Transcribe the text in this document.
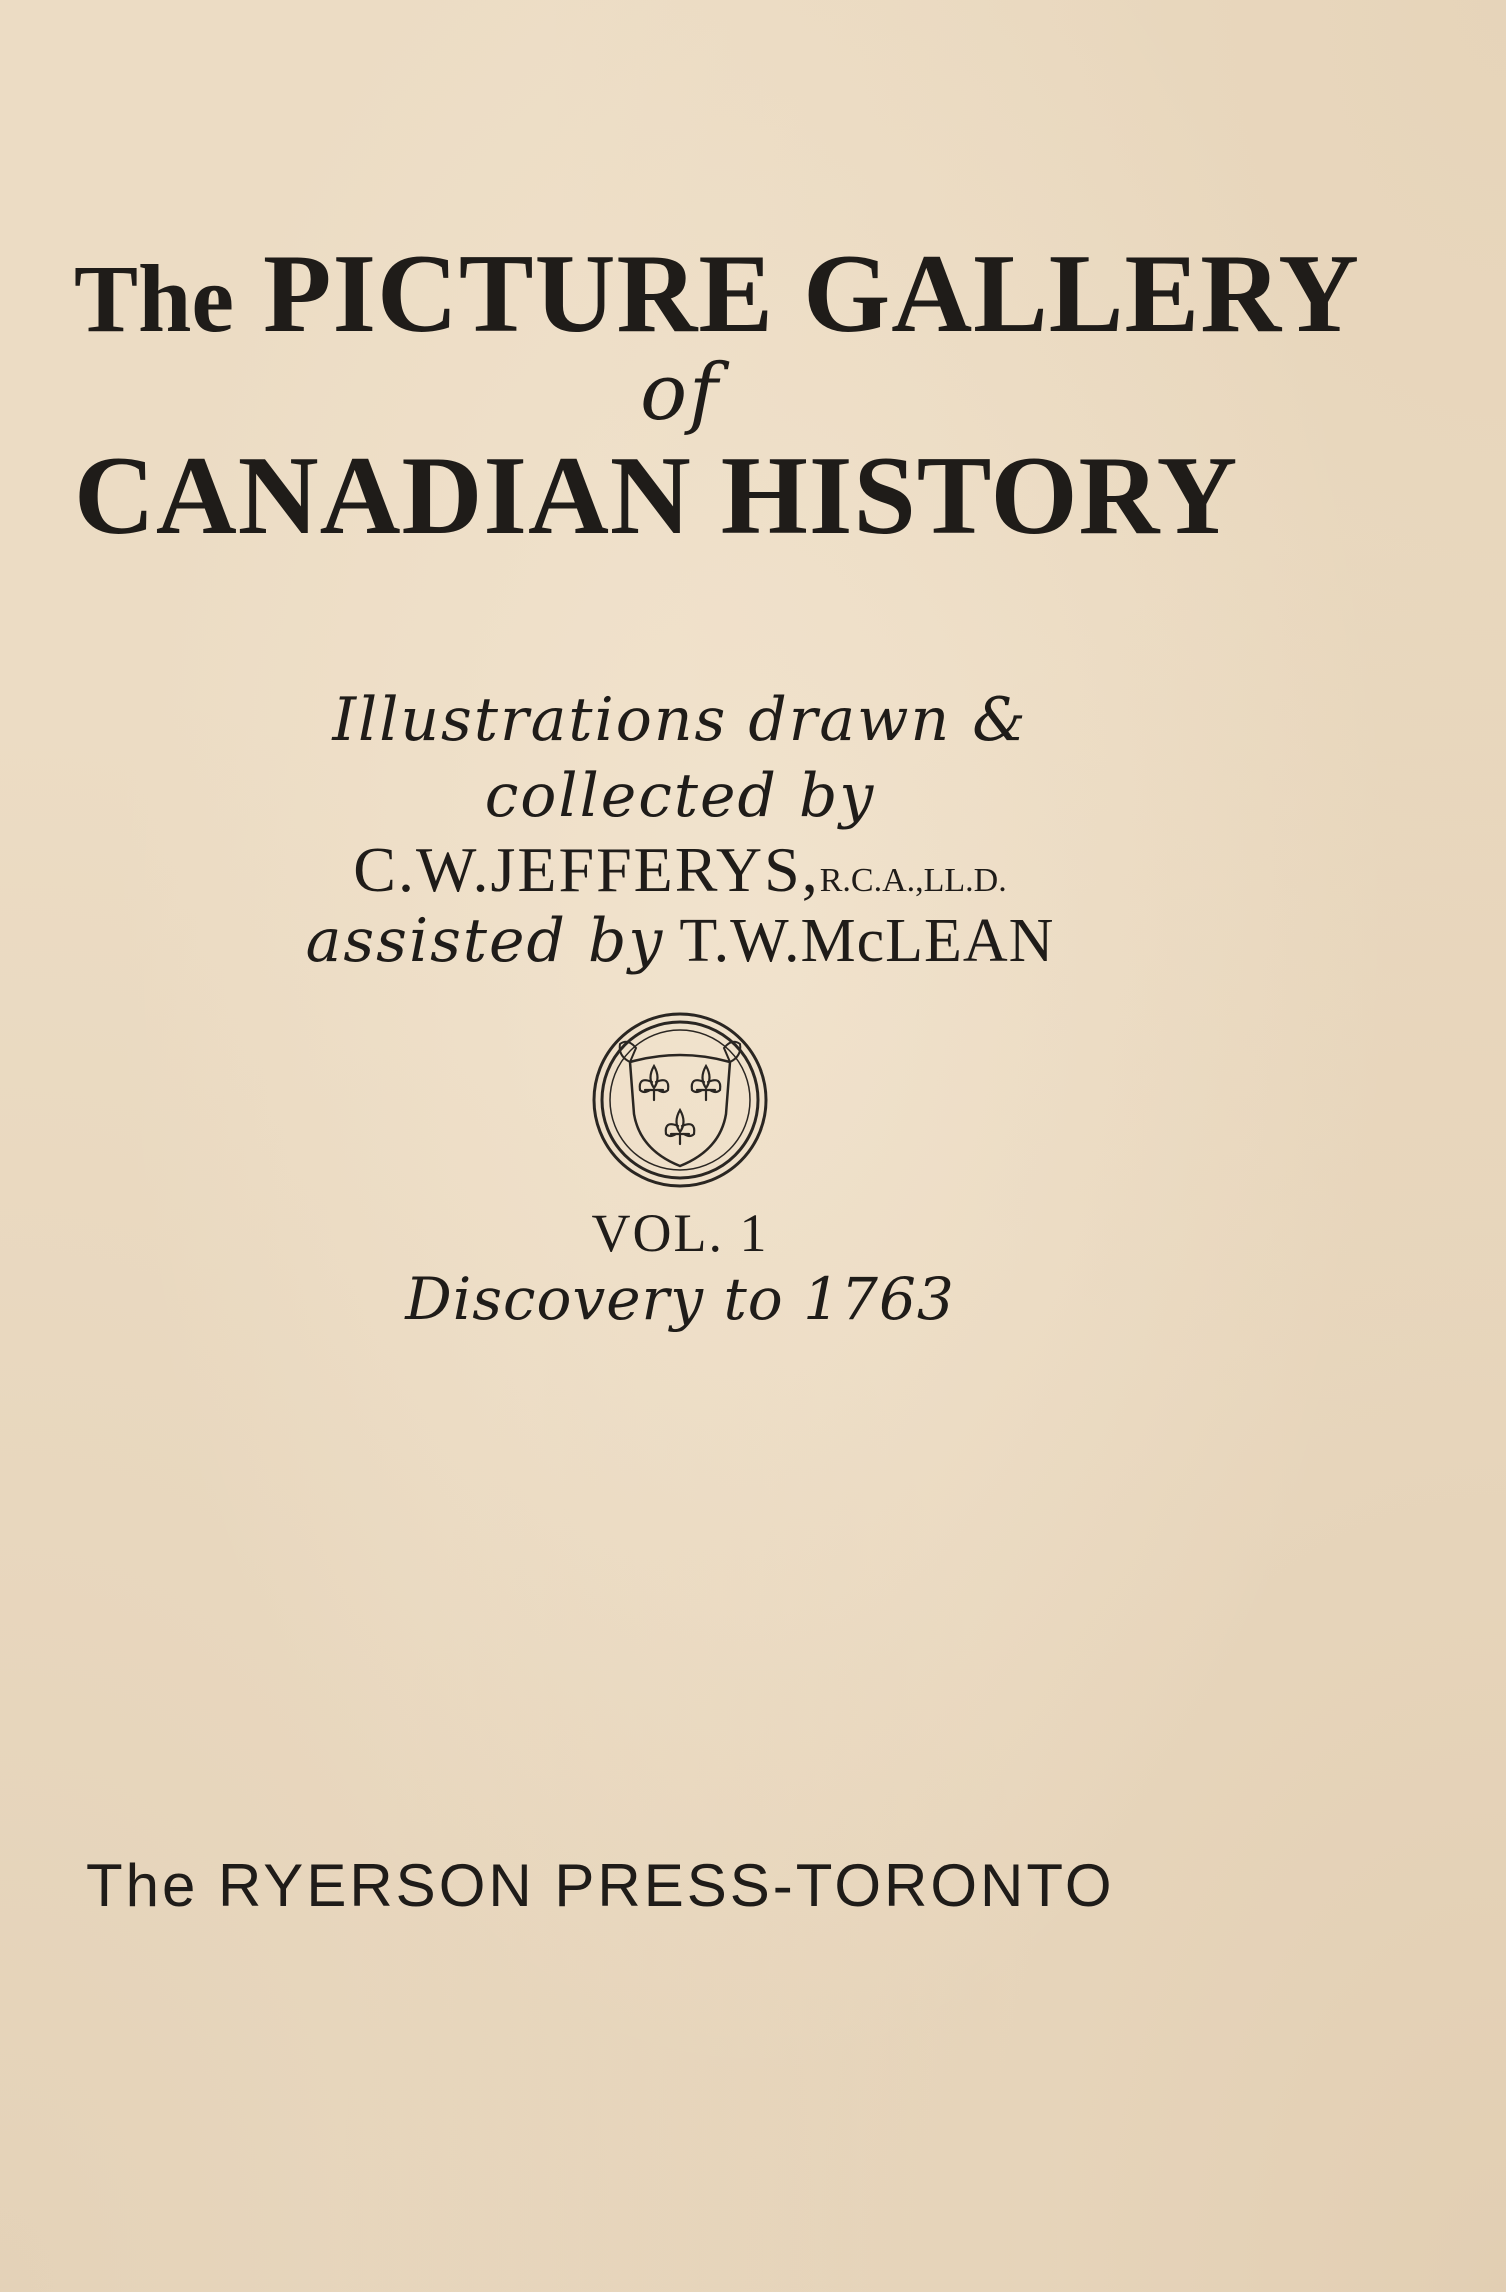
The PICTURE GALLERY
of
CANADIAN HISTORY
Illustrations drawn &
collected by
C.W.JEFFERYS,R.C.A.,LL.D.
assisted by T.W.McLEAN
VOL. 1
Discovery to 1763
The RYERSON PRESS-TORONTO
